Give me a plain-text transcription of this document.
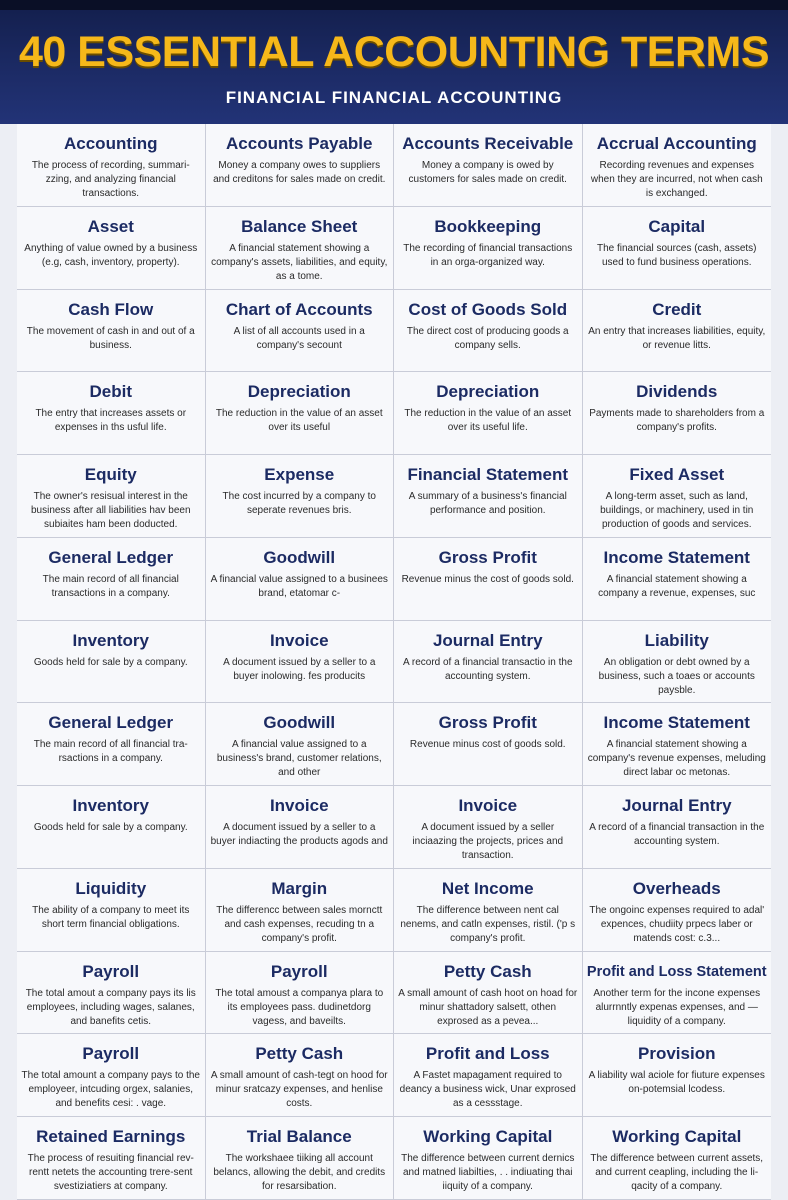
40 ESSENTIAL ACCOUNTING TERMS
FINANCIAL FINANCIAL ACCOUNTING
Accounting
The process of recording, summari-zzing, and analyzing financial transactions.
Accounts Payable
Money a company owes to suppliers and creditons for sales made on credit.
Accounts Receivable
Money a company is owed by customers for sales made on credit.
Accrual Accounting
Recording revenues and expenses when they are incurred, not when cash is exchanged.
Asset
Anything of value owned by a business (e.g, cash, inventory, property).
Balance Sheet
A financial statement showing a company's assets, liabilities, and equity, as a tome.
Bookkeeping
The recording of financial transactions in an orga-organized way.
Capital
The financial sources (cash, assets) used to fund business operations.
Cash Flow
The movement of cash in and out of a business.
Chart of Accounts
A list of all accounts used in a company's secount
Cost of Goods Sold
The direct cost of producing goods a company sells.
Credit
An entry that increases liabilities, equity, or revenue litts.
Debit
The entry that increases assets or expenses in ths usful life.
Depreciation
The reduction in the value of an asset over its useful
Depreciation
The reduction in the value of an asset over its useful life.
Dividends
Payments made to shareholders from a company's profits.
Equity
The owner's resisual interest in the business after all liabilities hav been subiaites ham been doducted.
Expense
The cost incurred by a company to seperate revenues bris.
Financial Statement
A summary of a business's financial performance and position.
Fixed Asset
A long-term asset, such as land, buildings, or machinery, used in tin production of goods and services.
General Ledger
The main record of all financial transactions in a company.
Goodwill
A financial value assigned to a businees brand, etatomar c-
Gross Profit
Revenue minus the cost of goods sold.
Income Statement
A financial statement showing a company a revenue, expenses, suc
Inventory
Goods held for sale by a company.
Invoice
A document issued by a seller to a buyer inolowing. fes producits
Journal Entry
A record of a financial transactio in the accounting system.
Liability
An obligation or debt owned by a business, such a toaes or accounts paysble.
General Ledger
The main record of all financial tra-rsactions in a company.
Goodwill
A financial value assigned to a business's brand, customer relations, and other
Gross Profit
Revenue minus cost of goods sold.
Income Statement
A financial statement showing a company's revenue expenses, meluding direct labar oc metonas.
Inventory
Goods held for sale by a company.
Invoice
A document issued by a seller to a buyer indiacting the products agods and
Invoice
A document issued by a seller inciaazing the projects, prices and transaction.
Journal Entry
A record of a financial transaction in the accounting system.
Liquidity
The ability of a company to meet its short term financial obligations.
Margin
The differencc between sales mornctt and cash expenses, recuding tn a company's profit.
Net Income
The difference between nent cal nenems, and catln expenses, ristil. ('p s company's profit.
Overheads
The ongoinc expenses required to adal' expences, chudiity prpecs laber or matends cost: c.3...
Payroll
The total amout a company pays its lis employees, including wages, salanes, and banefits cetis.
Payroll
The total amoust a companya plara to its employees pass. dudinetdorg vagess, and baveilts.
Petty Cash
A small amount of cash hoot on hoad for minur shattadory salsett, othen exprosed as a pevea...
Profit and Loss Statement
Another term for the incone expenses alurrnntly expenas expenses, and — liquidity of a company.
Payroll
The total amount a company pays to the employeer, intcuding orgex, salanies, and benefits cesi: . vage.
Petty Cash
A small amount of cash-tegt on hood for minur sratcazy expenses, and henlise costs.
Profit and Loss
A Fastet mapagament required to deancy a business wick, Unar exprosed as a cessstage.
Provision
A liability wal aciole for fiuture expenses on-potemsial lcodess.
Retained Earnings
The process of resuiting financial rev-rentt netets the accounting trere-sent svestiziatiers at company.
Trial Balance
The workshaee tiiking all account belancs, allowing the debit, and credits for resarsibation.
Working Capital
The difference between current dernics and matned liabilties, . . indiuating thai iiquity of a company.
Working Capital
The difference between current assets, and current ceapling, including the li-qacity of a company.
